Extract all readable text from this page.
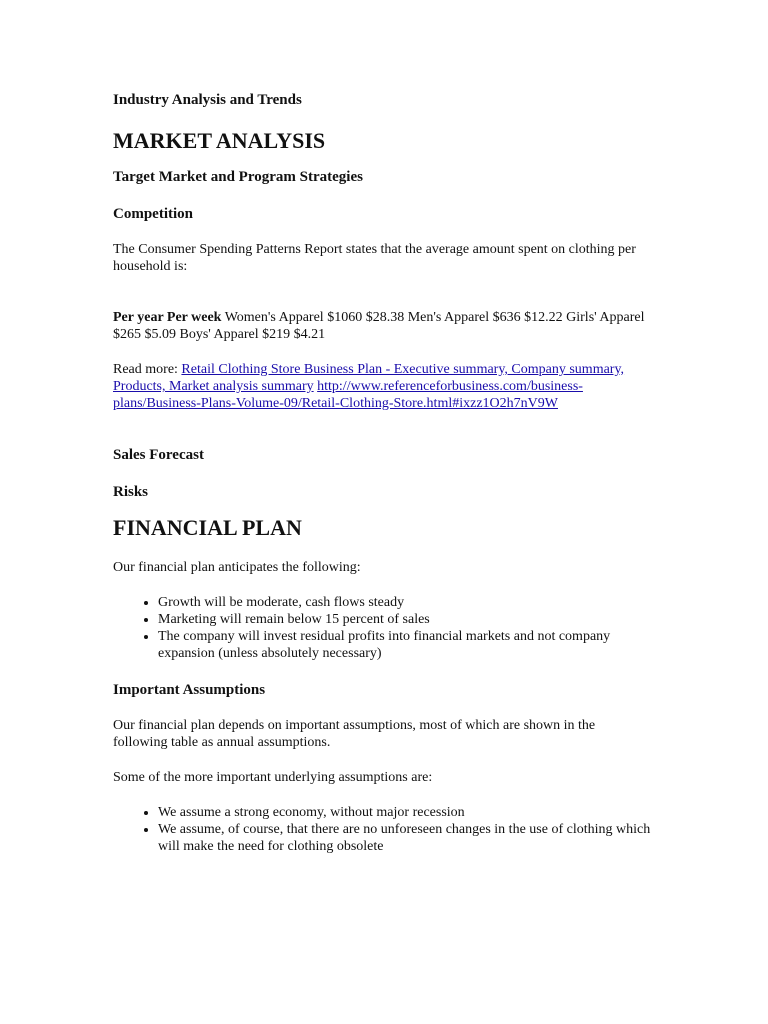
Industry Analysis and Trends
MARKET ANALYSIS
Target Market and Program Strategies
Competition

The Consumer Spending Patterns Report states that the average amount spent on clothing per household is:

Per year Per week Women's Apparel $1060 $28.38 Men's Apparel $636 $12.22 Girls' Apparel $265 $5.09 Boys' Apparel $219 $4.21

Read more: Retail Clothing Store Business Plan - Executive summary, Company summary, Products, Market analysis summary http://www.referenceforbusiness.com/business-plans/Business-Plans-Volume-09/Retail-Clothing-Store.html#ixzz1O2h7nV9W

Sales Forecast
Risks
FINANCIAL PLAN

Our financial plan anticipates the following:

• Growth will be moderate, cash flows steady
• Marketing will remain below 15 percent of sales
• The company will invest residual profits into financial markets and not company expansion (unless absolutely necessary)
Important Assumptions

Our financial plan depends on important assumptions, most of which are shown in the following table as annual assumptions.

Some of the more important underlying assumptions are:

• We assume a strong economy, without major recession
• We assume, of course, that there are no unforeseen changes in the use of clothing which will make the need for clothing obsolete
